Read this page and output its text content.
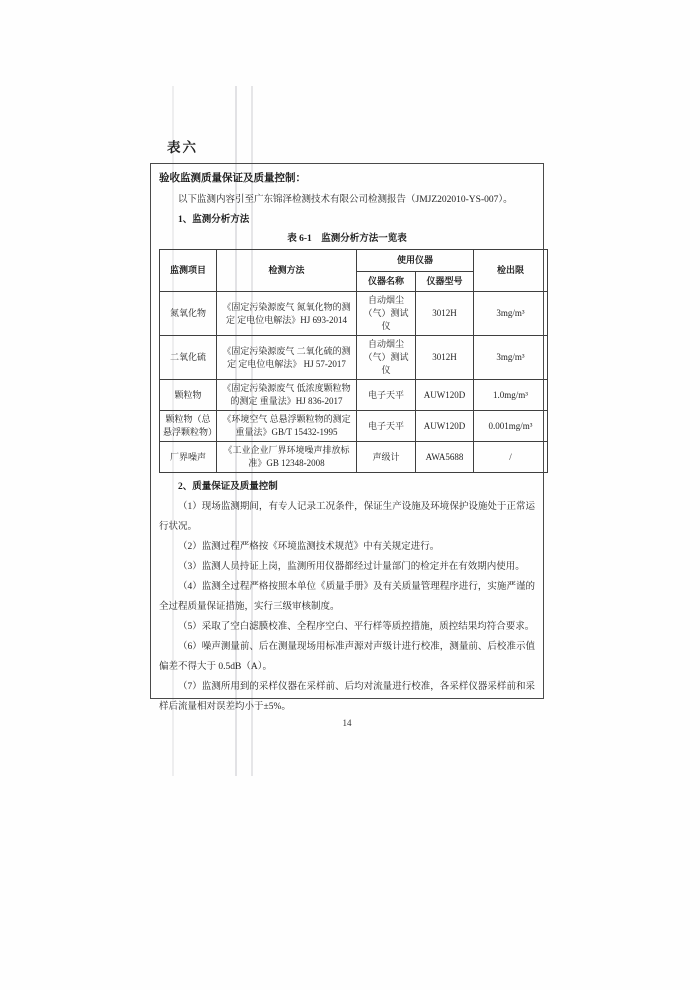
表六

验收监测质量保证及质量控制：

以下监测内容引至广东锦泽检测技术有限公司检测报告（JMJZ202010-YS-007）。

1、监测分析方法

表 6-1　监测分析方法一览表

监测项目	检测方法	使用仪器		检出限
		仪器名称	仪器型号	
氮氧化物	《固定污染源废气 氮氧化物的测定 定电位电解法》HJ 693-2014	自动烟尘（气）测试仪	3012H	3mg/m³
二氧化硫	《固定污染源废气 二氧化硫的测定 定电位电解法》 HJ 57-2017	自动烟尘（气）测试仪	3012H	3mg/m³
颗粒物	《固定污染源废气 低浓度颗粒物的测定 重量法》HJ 836-2017	电子天平	AUW120D	1.0mg/m³
颗粒物（总悬浮颗粒物）	《环境空气 总悬浮颗粒物的测定 重量法》GB/T 15432-1995	电子天平	AUW120D	0.001mg/m³
厂界噪声	《工业企业厂界环境噪声排放标准》GB 12348-2008	声级计	AWA5688	/

2、质量保证及质量控制

（1）现场监测期间，有专人记录工况条件，保证生产设施及环境保护设施处于正常运行状况。

（2）监测过程严格按《环境监测技术规范》中有关规定进行。

（3）监测人员持证上岗，监测所用仪器都经过计量部门的检定并在有效期内使用。

（4）监测全过程严格按照本单位《质量手册》及有关质量管理程序进行，实施严谨的全过程质量保证措施，实行三级审核制度。

（5）采取了空白滤膜校准、全程序空白、平行样等质控措施，质控结果均符合要求。

（6）噪声测量前、后在测量现场用标准声源对声级计进行校准，测量前、后校准示值偏差不得大于 0.5dB（A）。

（7）监测所用到的采样仪器在采样前、后均对流量进行校准，各采样仪器采样前和采样后流量相对误差均小于±5%。

14
